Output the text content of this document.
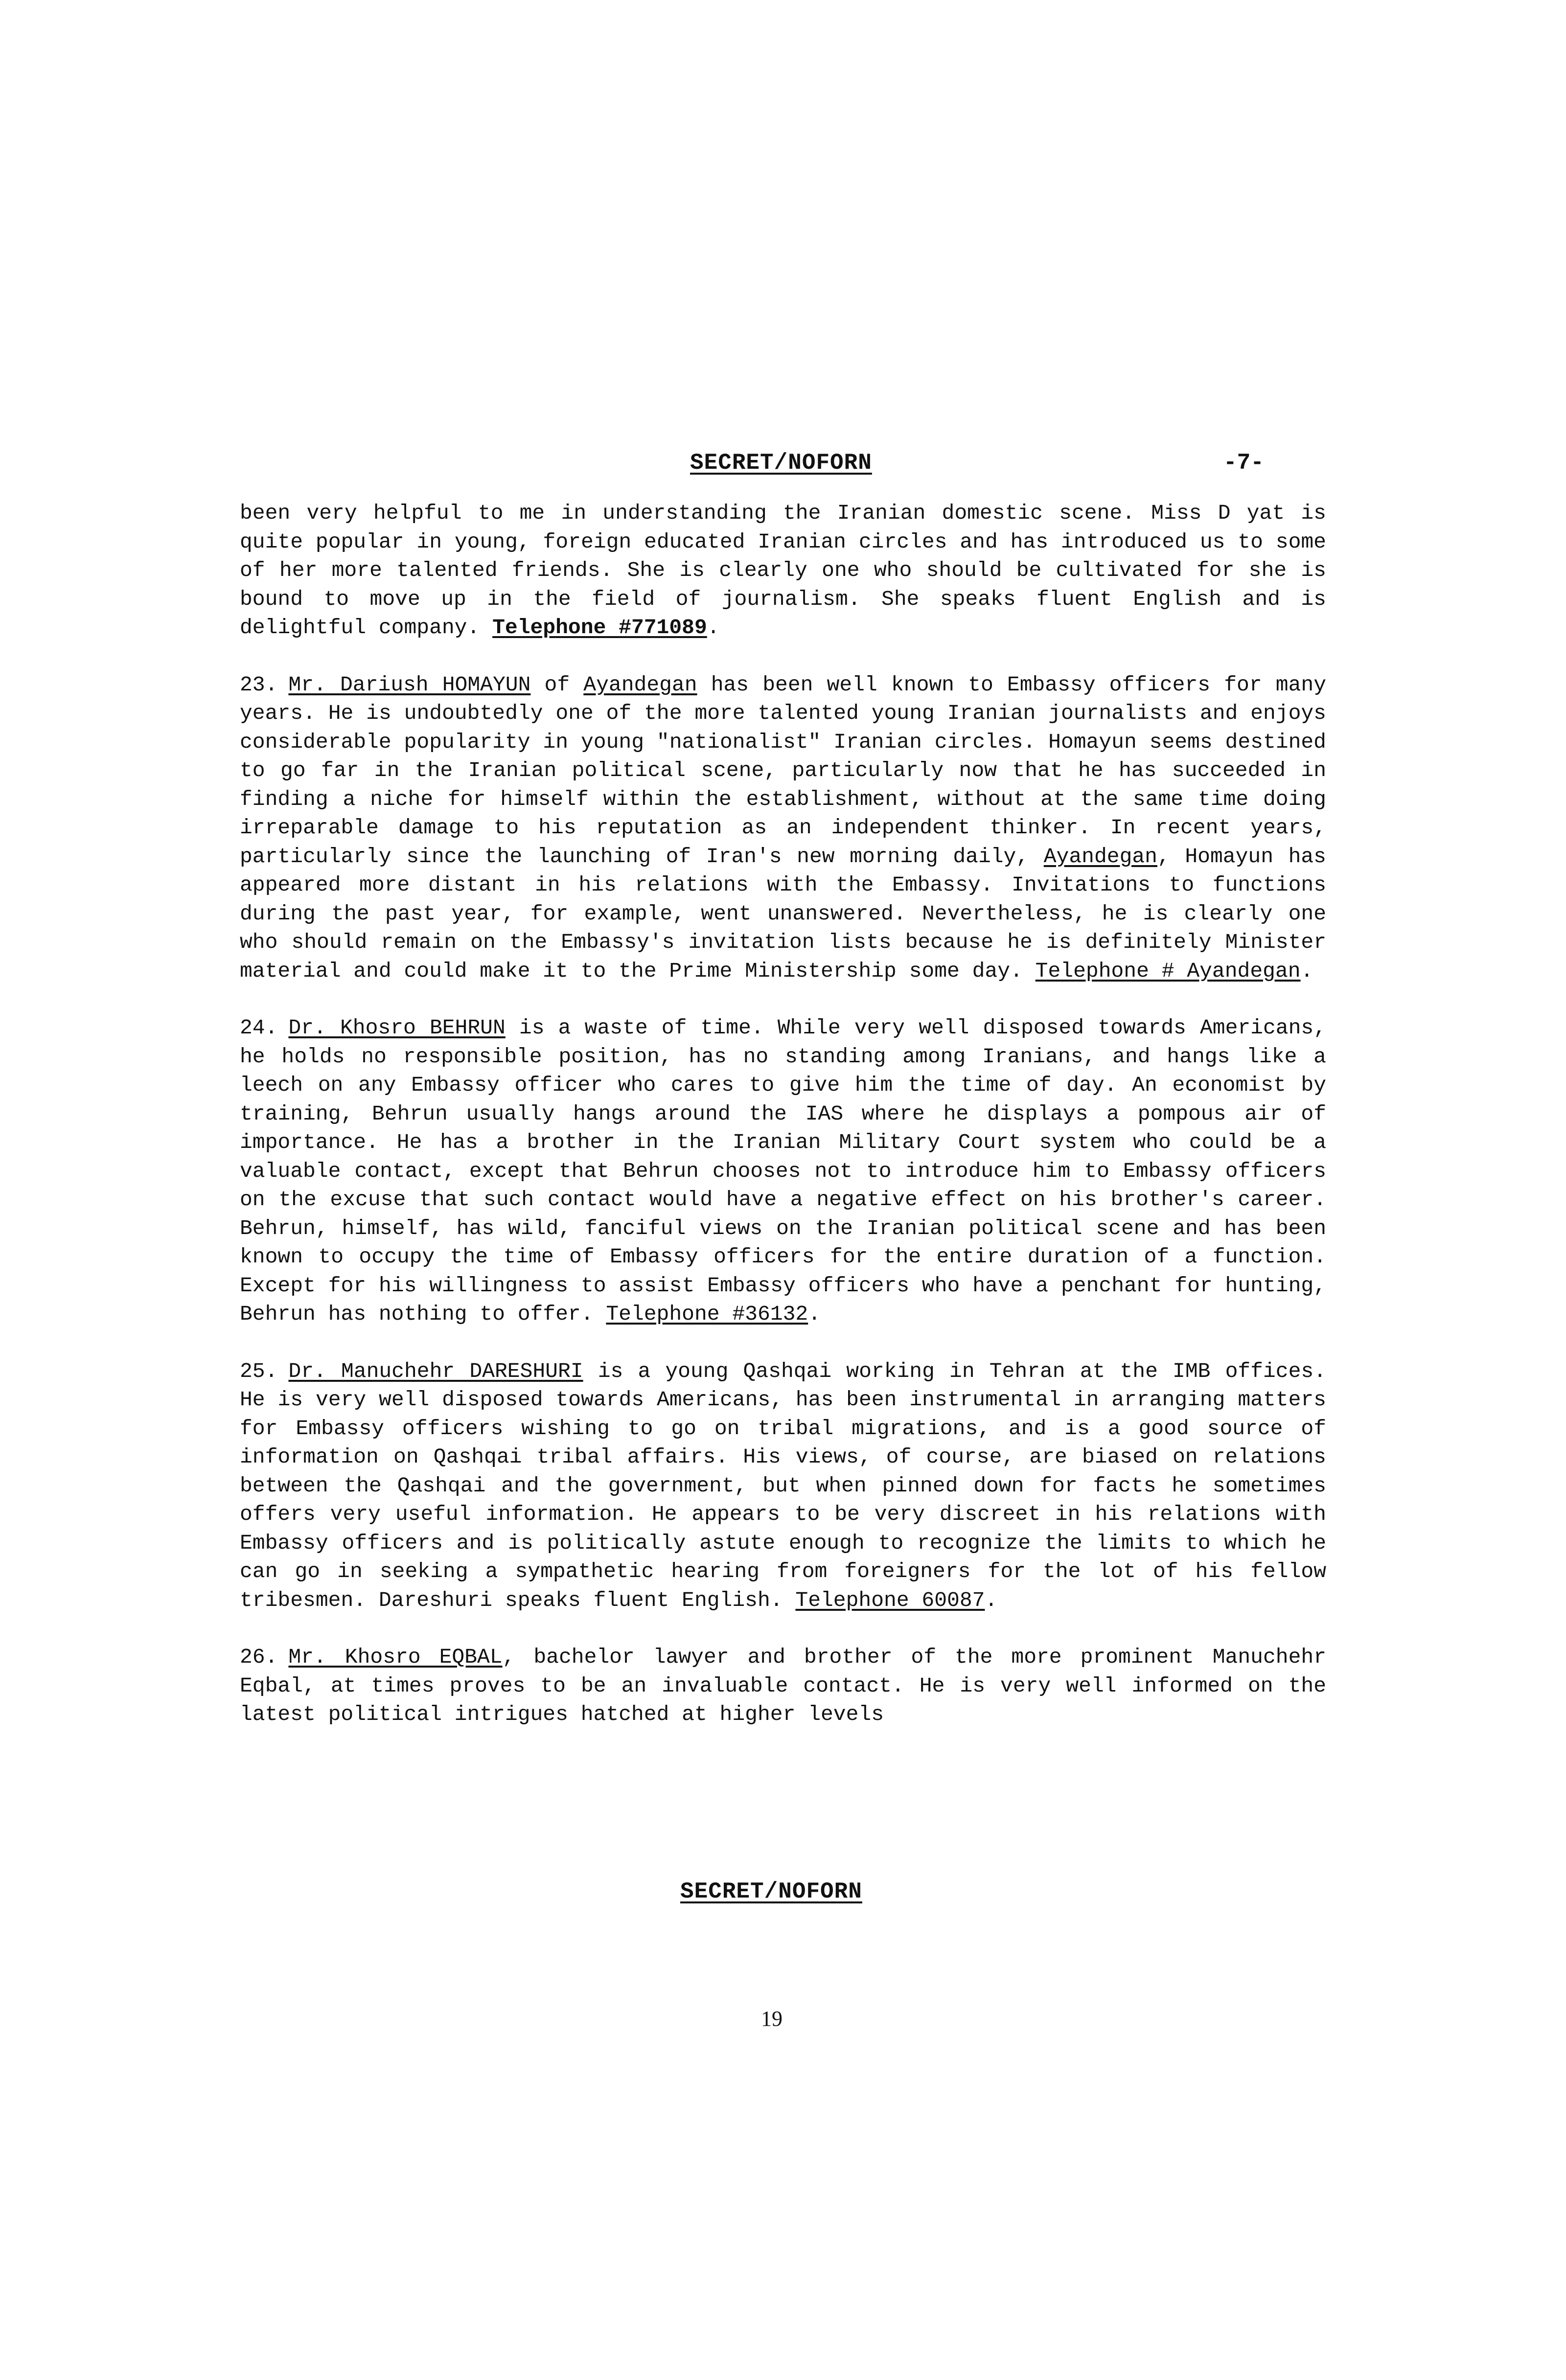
SECRET/NOFORN	-7-

been very helpful to me in understanding the Iranian domestic scene. Miss D yat is quite popular in young, foreign educated Iranian circles and has introduced us to some of her more talented friends. She is clearly one who should be cultivated for she is bound to move up in the field of journalism. She speaks fluent English and is delightful company. Telephone #771089.

23. Mr. Dariush HOMAYUN of Ayandegan has been well known to Embassy officers for many years. He is undoubtedly one of the more talented young Iranian journalists and enjoys considerable popularity in young "nationalist" Iranian circles. Homayun seems destined to go far in the Iranian political scene, particularly now that he has succeeded in finding a niche for himself within the establishment, without at the same time doing irreparable damage to his reputation as an independent thinker. In recent years, particularly since the launching of Iran's new morning daily, Ayandegan, Homayun has appeared more distant in his relations with the Embassy. Invitations to functions during the past year, for example, went unanswered. Nevertheless, he is clearly one who should remain on the Embassy's invitation lists because he is definitely Minister material and could make it to the Prime Ministership some day. Telephone # Ayandegan.

24. Dr. Khosro BEHRUN is a waste of time. While very well disposed towards Americans, he holds no responsible position, has no standing among Iranians, and hangs like a leech on any Embassy officer who cares to give him the time of day. An economist by training, Behrun usually hangs around the IAS where he displays a pompous air of importance. He has a brother in the Iranian Military Court system who could be a valuable contact, except that Behrun chooses not to introduce him to Embassy officers on the excuse that such contact would have a negative effect on his brother's career. Behrun, himself, has wild, fanciful views on the Iranian political scene and has been known to occupy the time of Embassy officers for the entire duration of a function. Except for his willingness to assist Embassy officers who have a penchant for hunting, Behrun has nothing to offer. Telephone #36132.

25. Dr. Manuchehr DARESHURI is a young Qashqai working in Tehran at the IMB offices. He is very well disposed towards Americans, has been instrumental in arranging matters for Embassy officers wishing to go on tribal migrations, and is a good source of information on Qashqai tribal affairs. His views, of course, are biased on relations between the Qashqai and the government, but when pinned down for facts he sometimes offers very useful information. He appears to be very discreet in his relations with Embassy officers and is politically astute enough to recognize the limits to which he can go in seeking a sympathetic hearing from foreigners for the lot of his fellow tribesmen. Dareshuri speaks fluent English. Telephone 60087.

26. Mr. Khosro EQBAL, bachelor lawyer and brother of the more prominent Manuchehr Eqbal, at times proves to be an invaluable contact. He is very well informed on the latest political intrigues hatched at higher levels

SECRET/NOFORN
19
